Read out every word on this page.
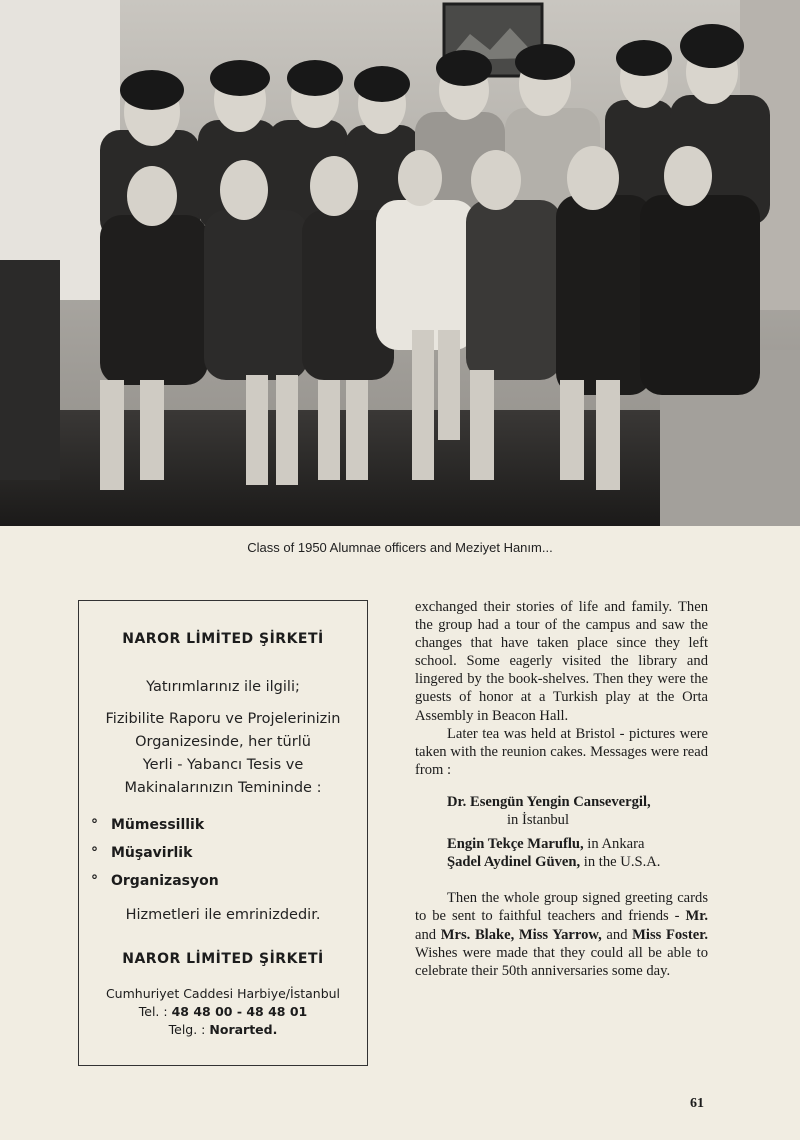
Class of 1950 Alumnae officers and Meziyet Hanım...
NAROR LİMİTED ŞİRKETİ
Yatırımlarınız ile ilgili;
Fizibilite Raporu ve Projelerinizin
Organizesinde, her türlü
Yerli - Yabancı Tesis ve
Makinalarınızın Temininde :
° Mümessillik
° Müşavirlik
° Organizasyon
Hizmetleri ile emrinizdedir.
NAROR LİMİTED ŞİRKETİ
Cumhuriyet Caddesi Harbiye/İstanbul
Tel. : 48 48 00 - 48 48 01
Telg. : Norarted.

exchanged their stories of life and family. Then the group had a tour of the campus and saw the changes that have taken place since they left school. Some eagerly visited the library and lingered by the book-shelves. Then they were the guests of honor at a Turkish play at the Orta Assembly in Beacon Hall.

Later tea was held at Bristol - pictures were taken with the reunion cakes. Messages were read from :

Dr. Esengün Yengin Cansevergil,

in İstanbul

Engin Tekçe Maruflu, in Ankara

Şadel Aydinel Güven, in the U.S.A.

Then the whole group signed greeting cards to be sent to faithful teachers and friends - Mr. and Mrs. Blake, Miss Yarrow, and Miss Foster. Wishes were made that they could all be able to celebrate their 50th anniversaries some day.

61
